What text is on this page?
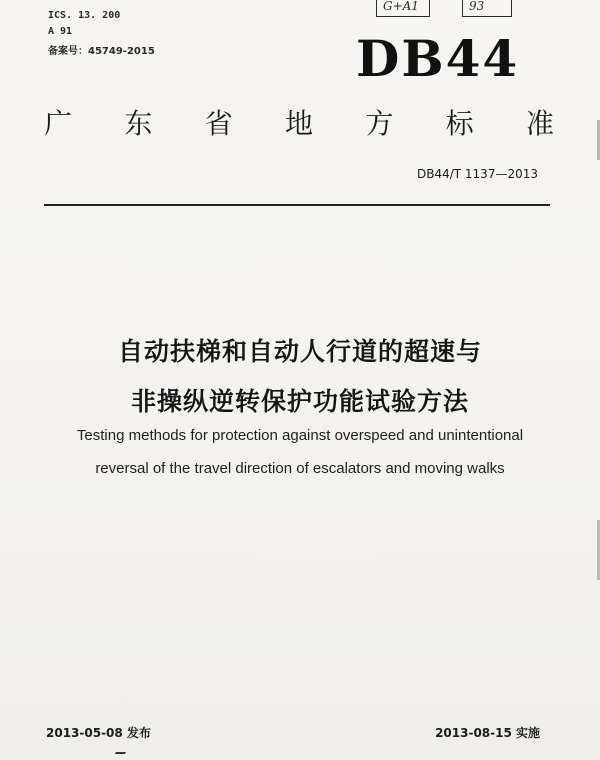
ICS. 13. 200
A 91
备案号：45749-2015
G+A1	93
DB44
广 东 省 地 方 标 准
DB44/T 1137—2013
自动扶梯和自动人行道的超速与
非操纵逆转保护功能试验方法
Testing methods for protection against overspeed and unintentional
reversal of the travel direction of escalators and moving walks
2013-05-08 发布	2013-08-15 实施
